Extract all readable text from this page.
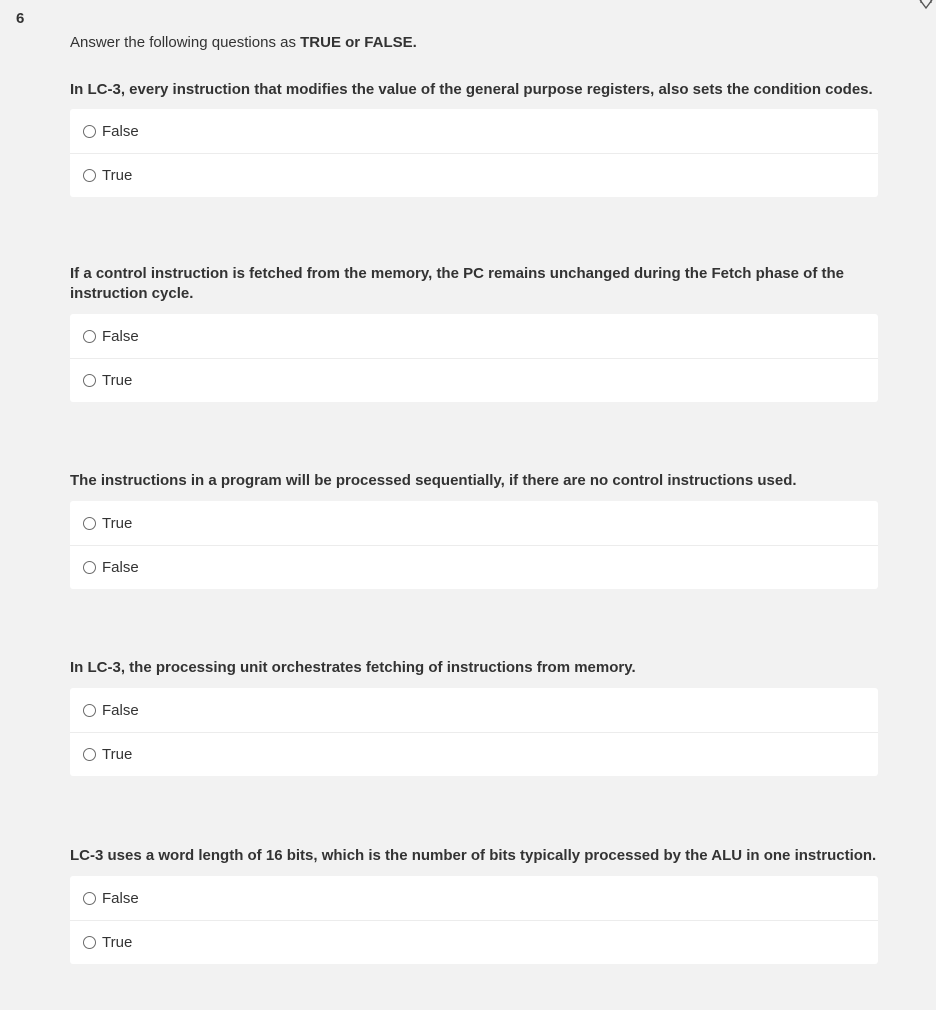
6
Answer the following questions as TRUE or FALSE.

In LC-3, every instruction that modifies the value of the general purpose registers, also sets the condition codes.

False
True

If a control instruction is fetched from the memory, the PC remains unchanged during the Fetch phase of the instruction cycle.

False
True

The instructions in a program will be processed sequentially, if there are no control instructions used.

True
False

In LC-3, the processing unit orchestrates fetching of instructions from memory.

False
True

LC-3 uses a word length of 16 bits, which is the number of bits typically processed by the ALU in one instruction.

False
True
